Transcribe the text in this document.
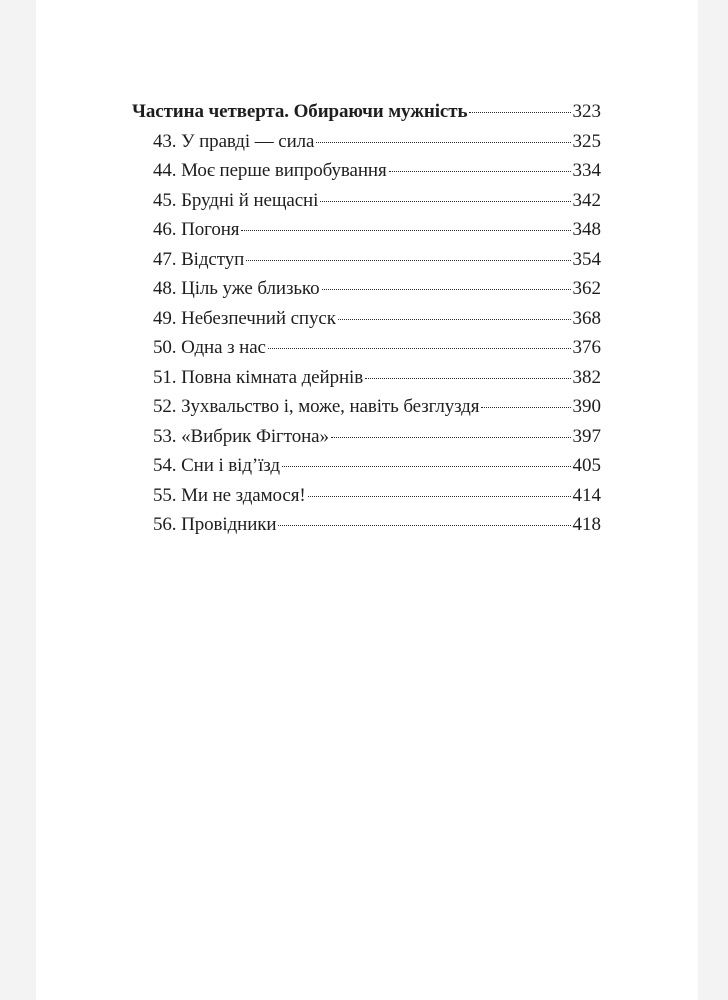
Частина четверта. Обираючи мужність	323
43. У правді — сила	325
44. Моє перше випробування	334
45. Брудні й нещасні	342
46. Погоня	348
47. Відступ	354
48. Ціль уже близько	362
49. Небезпечний спуск	368
50. Одна з нас	376
51. Повна кімната дейрнів	382
52. Зухвальство і, може, навіть безглуздя	390
53. «Вибрик Фігтона»	397
54. Сни і від’їзд	405
55. Ми не здамося!	414
56. Провідники	418
